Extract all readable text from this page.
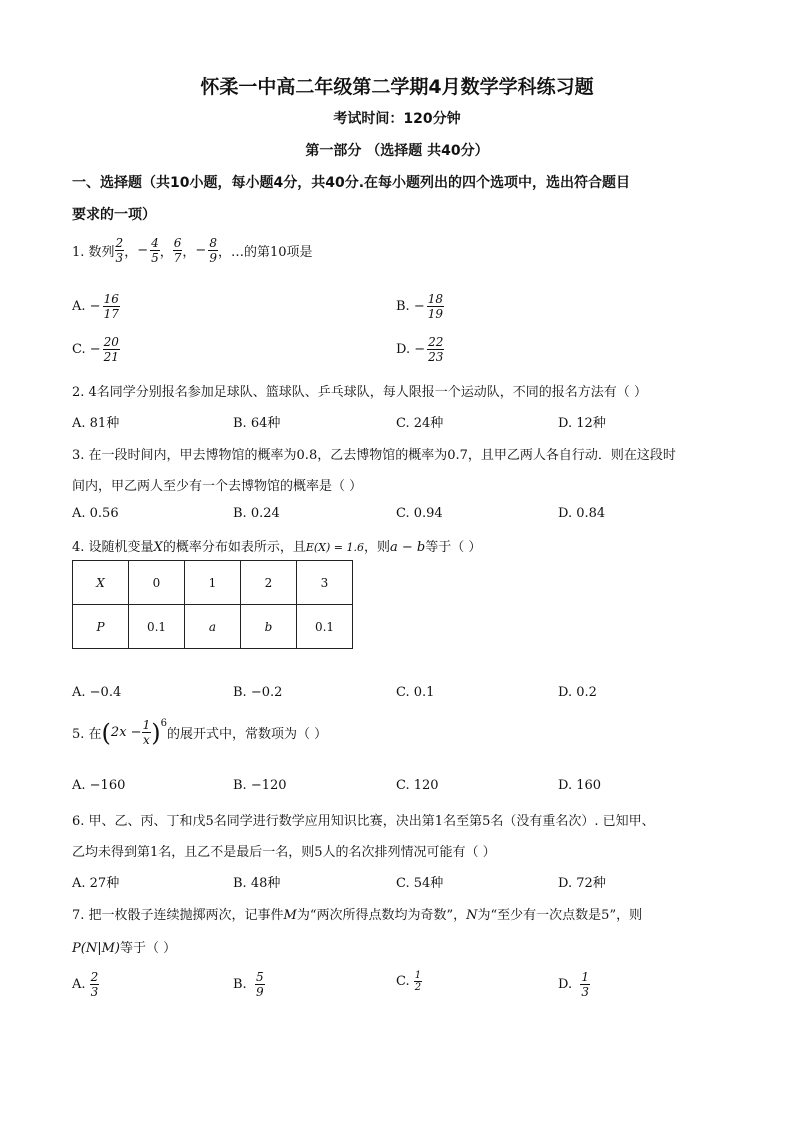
怀柔一中高二年级第二学期4月数学学科练习题
考试时间：120分钟
第一部分 （选择题 共40分）
一、选择题（共10小题，每小题4分，共40分.在每小题列出的四个选项中，选出符合题目
要求的一项）
1. 数列 $\frac{2}{3}$ ， − $\frac{4}{5}$ ， $\frac{6}{7}$ ， − $\frac{8}{9}$ ，…的第10项是
A.
− $\frac{16}{17}$	B.
− $\frac{18}{19}$
C.
− $\frac{20}{21}$	D.
− $\frac{22}{23}$
2. 4名同学分别报名参加足球队、篮球队、乒乓球队，每人限报一个运动队，不同的报名方法有（ ）
A. 81种	B. 64种	C. 24种	D. 12种
3. 在一段时间内，甲去博物馆的概率为0.8，乙去博物馆的概率为0.7，且甲乙两人各自行动．则在这段时
间内，甲乙两人至少有一个去博物馆的概率是（ ）
A. 0.56	B. 0.24	C. 0.94	D. 0.84
4. 设随机变量X的概率分布如表所示，且E(X) = 1.6，则a − b等于（ ）
X	0	1	2	3
P	0.1	a	b	0.1
A. −0.4	B. −0.2	C. 0.1	D. 0.2
5. 在 ( $2x - \frac{1}{x} )^6$
的展开式中，常数项为（ ）
A. −160	B. −120	C. 120	D. 160
6. 甲、乙、丙、丁和戊5名同学进行数学应用知识比赛，决出第1名至第5名（没有重名次）. 已知甲、
乙均未得到第1名，且乙不是最后一名，则5人的名次排列情况可能有（ ）
A. 27种	B. 48种	C. 54种	D. 72种
7. 把一枚骰子连续抛掷两次，记事件M为“两次所得点数均为奇数”，N为“至少有一次点数是5”，则
P(N|M)等于（ ）
A.
$\frac{2}{3}$	B.
$\frac{5}{9}$	C.
$\frac{1}{2}$	D.
$\frac{1}{3}$
